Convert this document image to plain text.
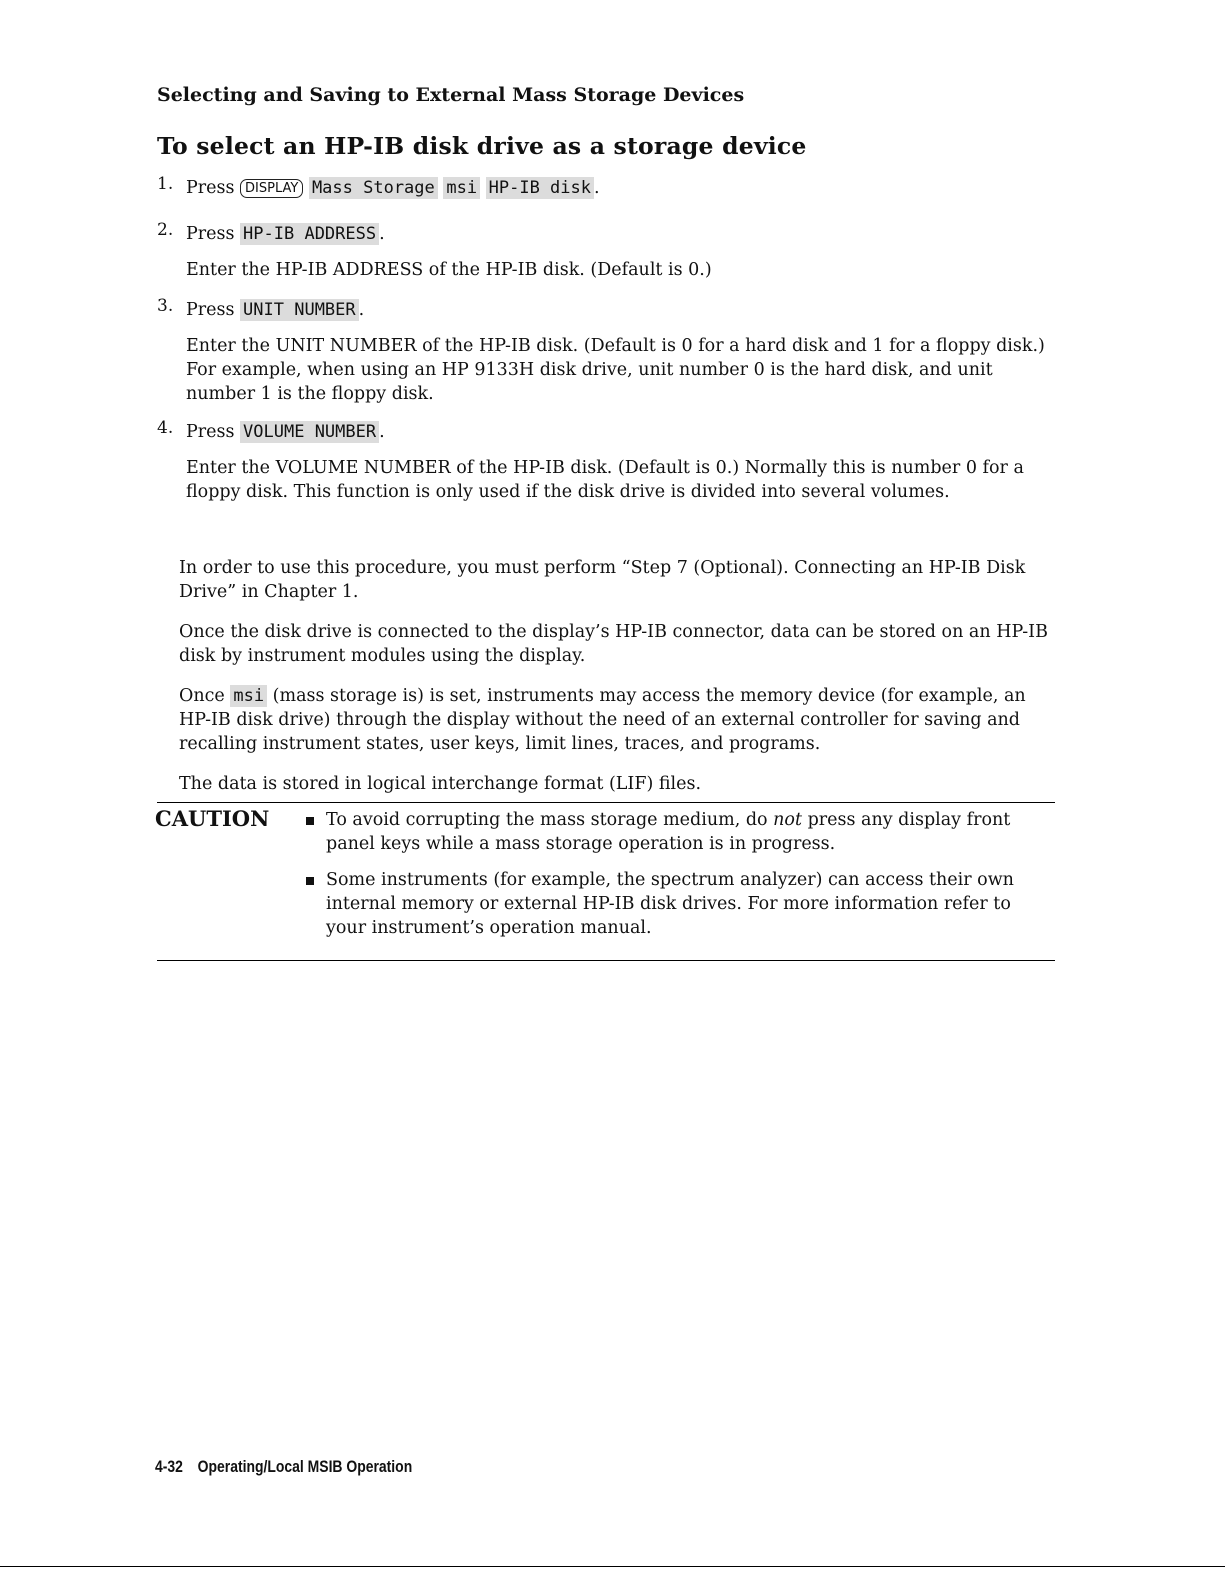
Selecting and Saving to External Mass Storage Devices
To select an HP-IB disk drive as a storage device
1. Press DISPLAY Mass Storage msi HP-IB disk .

2. Press HP-IB ADDRESS .

Enter the HP-IB ADDRESS of the HP-IB disk. (Default is 0.)

3. Press UNIT NUMBER .

Enter the UNIT NUMBER of the HP-IB disk. (Default is 0 for a hard disk and 1 for a floppy disk.) For example, when using an HP 9133H disk drive, unit number 0 is the hard disk, and unit number 1 is the floppy disk.

4. Press VOLUME NUMBER .

Enter the VOLUME NUMBER of the HP-IB disk. (Default is 0.) Normally this is number 0 for a floppy disk. This function is only used if the disk drive is divided into several volumes.

In order to use this procedure, you must perform “Step 7 (Optional). Connecting an HP-IB Disk Drive” in Chapter 1.

Once the disk drive is connected to the display’s HP-IB connector, data can be stored on an HP-IB disk by instrument modules using the display.

Once msi (mass storage is) is set, instruments may access the memory device (for example, an HP-IB disk drive) through the display without the need of an external controller for saving and recalling instrument states, user keys, limit lines, traces, and programs.

The data is stored in logical interchange format (LIF) files.

CAUTION	To avoid corrupting the mass storage medium, do not press any display front panel keys while a mass storage operation is in progress.
Some instruments (for example, the spectrum analyzer) can access their own internal memory or external HP-IB disk drives. For more information refer to your instrument’s operation manual.
4-32 Operating/Local MSIB Operation
